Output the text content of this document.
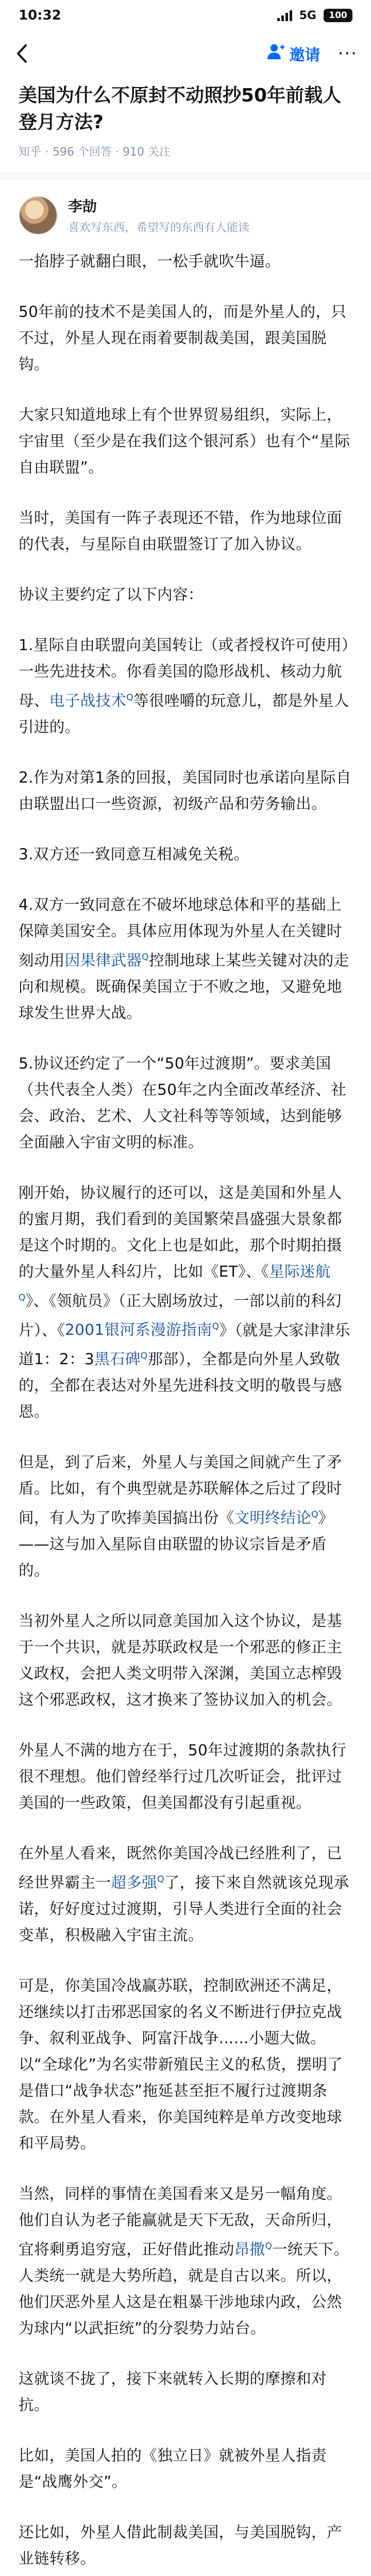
10:32	5G 100
邀请 ···
美国为什么不原封不动照抄50年前载人登月方法?
知乎 · 596 个回答 · 910 关注
李劼
喜欢写东西，希望写的东西有人能读

一掐脖子就翻白眼，一松手就吹牛逼。

50年前的技术不是美国人的，而是外星人的，只不过，外星人现在雨着要制裁美国，跟美国脱钩。

大家只知道地球上有个世界贸易组织，实际上，宇宙里（至少是在我们这个银河系）也有个“星际自由联盟”。

当时，美国有一阵子表现还不错，作为地球位面的代表，与星际自由联盟签订了加入协议。

协议主要约定了以下内容：

1.星际自由联盟向美国转让（或者授权许可使用）一些先进技术。你看美国的隐形战机、核动力航母、电子战技术$^Q$等很唑嚼的玩意儿，都是外星人引进的。

2.作为对第1条的回报，美国同时也承诺向星际自由联盟出口一些资源，初级产品和劳务输出。

3.双方还一致同意互相减免关税。

4.双方一致同意在不破坏地球总体和平的基础上保障美国安全。具体应用体现为外星人在关键时刻动用因果律武器$^Q$控制地球上某些关键对决的走向和规模。既确保美国立于不败之地，又避免地球发生世界大战。

5.协议还约定了一个“50年过渡期”。要求美国（共代表全人类）在50年之内全面改革经济、社会、政治、艺术、人文社科等等领域，达到能够全面融入宇宙文明的标准。

刚开始，协议履行的还可以，这是美国和外星人的蜜月期，我们看到的美国繁荣昌盛强大景象都是这个时期的。文化上也是如此，那个时期拍摄的大量外星人科幻片，比如《ET》、《星际迷航$^Q$》、《领航员》（正大剧场放过，一部以前的科幻片）、《2001银河系漫游指南$^Q$》（就是大家津津乐道1：2：3黑石碑$^Q$那部），全都是向外星人致敬的，全都在表达对外星先进科技文明的敬畏与感恩。

但是，到了后来，外星人与美国之间就产生了矛盾。比如，有个典型就是苏联解体之后过了段时间，有人为了吹捧美国搞出份《文明终结论$^Q$》——这与加入星际自由联盟的协议宗旨是矛盾的。

当初外星人之所以同意美国加入这个协议，是基于一个共识，就是苏联政权是一个邪恶的修正主义政权，会把人类文明带入深渊，美国立志榨毁这个邪恶政权，这才换来了签协议加入的机会。

外星人不满的地方在于，50年过渡期的条款执行很不理想。他们曾经举行过几次听证会，批评过美国的一些政策，但美国都没有引起重视。

在外星人看来，既然你美国冷战已经胜利了，已经世界霸主一超多强$^Q$了，接下来自然就该兑现承诺，好好度过过渡期，引导人类进行全面的社会变革，积极融入宇宙主流。

可是，你美国冷战赢苏联，控制欧洲还不满足，还继续以打击邪恶国家的名义不断进行伊拉克战争、叙利亚战争、阿富汗战争......小题大做。以“全球化”为名实带新殖民主义的私货，摆明了是借口“战争状态”拖延甚至拒不履行过渡期条款。在外星人看来，你美国纯粹是单方改变地球和平局势。

当然，同样的事情在美国看来又是另一幅角度。他们自认为老子能赢就是天下无敌，天命所归，宜将剩勇追穷寇，正好借此推动昂撒$^Q$一统天下。人类统一就是大势所趋，就是自古以来。所以，他们厌恶外星人这是在粗暴干涉地球内政，公然为球内“以武拒统”的分裂势力站台。

这就谈不拢了，接下来就转入长期的摩擦和对抗。

比如，美国人拍的《独立日》就被外星人指责是“战鹰外交”。

还比如，外星人借此制裁美国，与美国脱钩，产业链转移。
